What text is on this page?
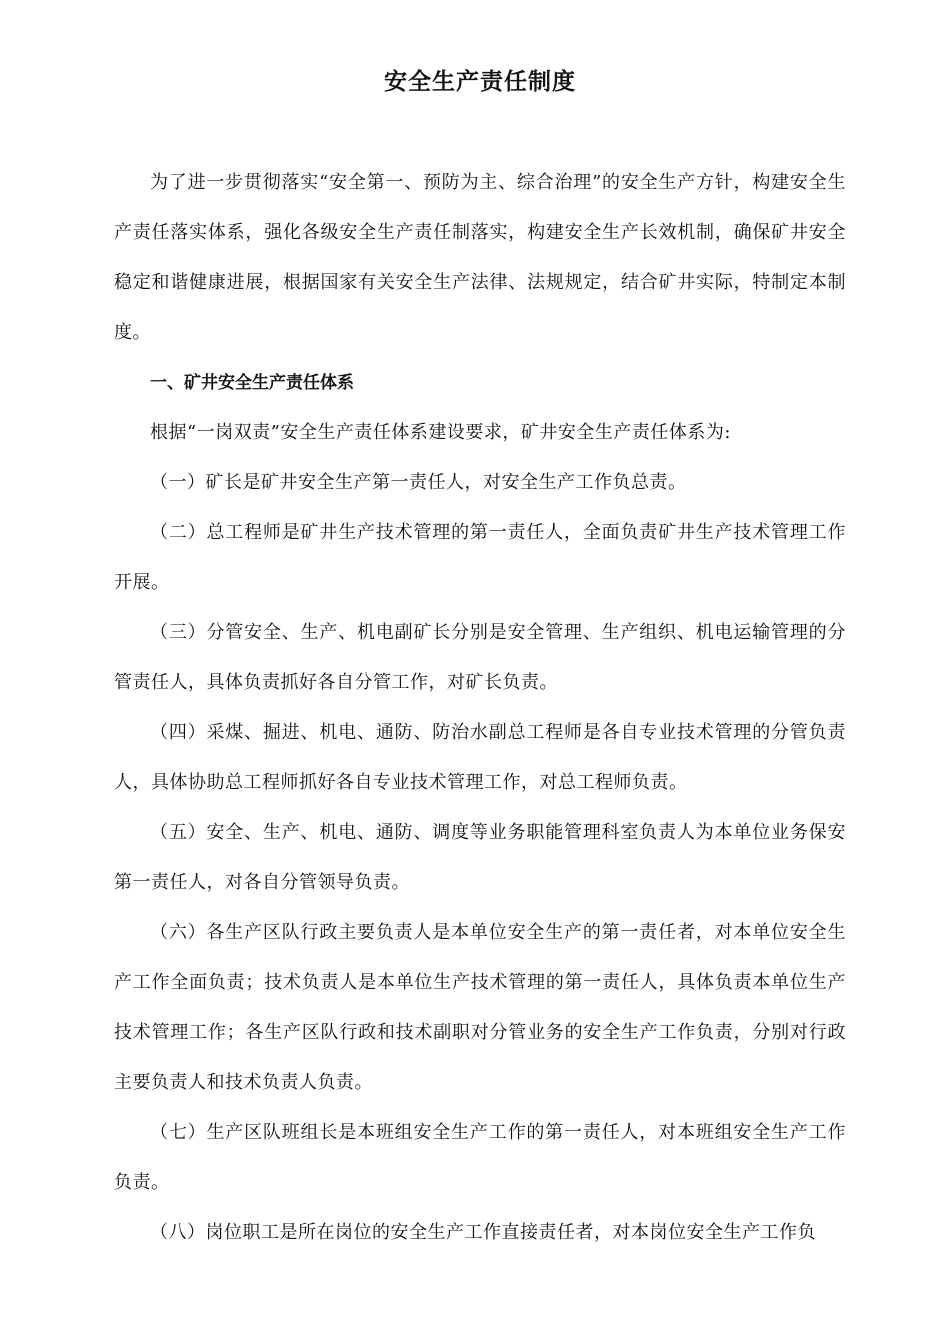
安全生产责任制度

为了进一步贯彻落实“安全第一、预防为主、综合治理”的安全生产方针，构建安全生产责任落实体系，强化各级安全生产责任制落实，构建安全生产长效机制，确保矿井安全稳定和谐健康进展，根据国家有关安全生产法律、法规规定，结合矿井实际，特制定本制度。

一、矿井安全生产责任体系

根据“一岗双责”安全生产责任体系建设要求，矿井安全生产责任体系为:

（一）矿长是矿井安全生产第一责任人，对安全生产工作负总责。

（二）总工程师是矿井生产技术管理的第一责任人，全面负责矿井生产技术管理工作开展。

（三）分管安全、生产、机电副矿长分别是安全管理、生产组织、机电运输管理的分管责任人，具体负责抓好各自分管工作，对矿长负责。

（四）采煤、掘进、机电、通防、防治水副总工程师是各自专业技术管理的分管负责人，具体协助总工程师抓好各自专业技术管理工作，对总工程师负责。

（五）安全、生产、机电、通防、调度等业务职能管理科室负责人为本单位业务保安第一责任人，对各自分管领导负责。

（六）各生产区队行政主要负责人是本单位安全生产的第一责任者，对本单位安全生产工作全面负责；技术负责人是本单位生产技术管理的第一责任人，具体负责本单位生产技术管理工作；各生产区队行政和技术副职对分管业务的安全生产工作负责，分别对行政主要负责人和技术负责人负责。

（七）生产区队班组长是本班组安全生产工作的第一责任人，对本班组安全生产工作负责。

（八）岗位职工是所在岗位的安全生产工作直接责任者，对本岗位安全生产工作负
